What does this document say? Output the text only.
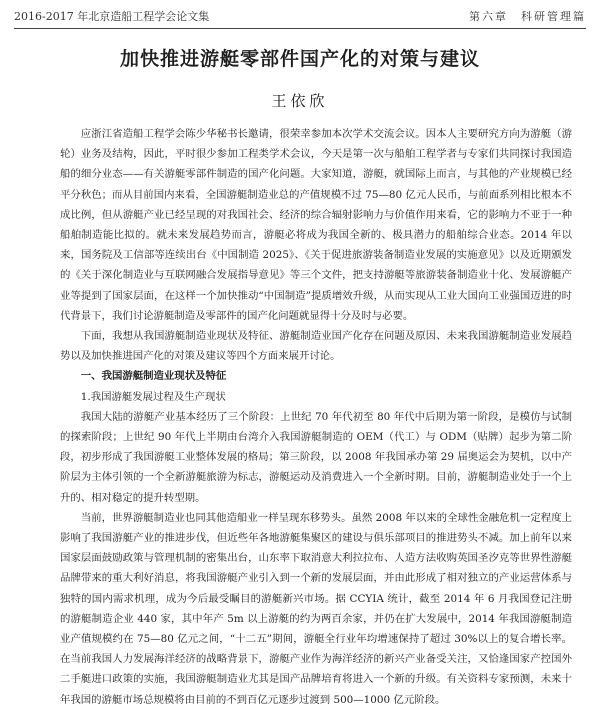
2016-2017 年北京造船工程学会论文集	第六章　科研管理篇
加快推进游艇零部件国产化的对策与建议
王依欣

应浙江省造船工程学会陈少华秘书长邀请，很荣幸参加本次学术交流会议。因本人主要研究方向为游艇（游轮）业务及结构，因此，平时很少参加工程类学术会议，今天是第一次与船舶工程学者与专家们共同探讨我国造船的细分业态——有关游艇零部件制造的国产化问题。大家知道，游艇，就国际上而言，与其他的产业规模已经平分秋色；而从目前国内来看，全国游艇制造业总的产值规模不过 75—80 亿元人民币，与前面系列相比根本不成比例，但从游艇产业已经呈现的对我国社会、经济的综合辐射影响力与价值作用来看，它的影响力不亚于一种船舶制造能比拟的。就未来发展趋势而言，游艇必将成为我国全新的、极具潜力的船舶综合业态。2014 年以来，国务院及工信部等连续出台《中国制造 2025》、《关于促进旅游装备制造业发展的实施意见》以及近期颁发的《关于深化制造业与互联网融合发展指导意见》等三个文件，把支持游艇等旅游装备制造业十化、发展游艇产业等提到了国家层面，在这样一个加快推动“中国制造”提质增效升级，从而实现从工业大国向工业强国迈进的时代背景下，我们讨论游艇制造及零部件的国产化问题就显得十分及时与必要。

下面，我想从我国游艇制造业现状及特征、游艇制造业国产化存在问题及原因、未来我国游艇制造业发展趋势以及加快推进国产化的对策及建议等四个方面来展开讨论。

一、我国游艇制造业现状及特征

1.我国游艇发展过程及生产现状

我国大陆的游艇产业基本经历了三个阶段：上世纪 70 年代初至 80 年代中后期为第一阶段，是模仿与试制的探索阶段；上世纪 90 年代上半期由台湾介入我国游艇制造的 OEM（代工）与 ODM（贴牌）起步为第二阶段，初步形成了我国游艇工业整体发展的格局；第三阶段，以 2008 年我国承办第 29 届奥运会为契机，以中产阶层为主体引领的一个全新游艇旅游为标志，游艇运动及消费进入一个全新时期。目前，游艇制造业处于一个上升的、相对稳定的提升转型期。

当前，世界游艇制造业也同其他造船业一样呈现东移势头。虽然 2008 年以来的全球性金融危机一定程度上影响了我国游艇产业的推进步伐，但近些年各地游艇集聚区的建设与俱乐部项目的推进势头不减。加上前年以来国家层面鼓励政策与管理机制的密集出台，山东率下取消意大利拉拉布、人造方法收购英国圣汐克等世界性游艇品牌带来的重大利好消息，将我国游艇产业引入到一个新的发展层面，并由此形成了相对独立的产业运营体系与独特的国内需求机理，成为今后最受瞩目的游艇新兴市场。据 CCYIA 统计，截至 2014 年 6 月我国登记注册的游艇制造企业 440 家，其中年产 5m 以上游艇的约为两百余家，并仍在扩大发展中，2014 年我国游艇制造业产值规模约在 75—80 亿元之间，“十二五”期间，游艇全行业年均增速保持了超过 30%以上的复合增长率。在当前我国人力发展海洋经济的战略背景下，游艇产业作为海洋经济的新兴产业备受关注，又恰逢国家产控国外二手艇进口政策的实施，我国游艇制造业尤其是国产品牌培育将进入一个新的升级。有关资料专家预测，未来十年我国的游艇市场总规模将由目前的不到百亿元逐步过渡到 500—1000 亿元阶段。
